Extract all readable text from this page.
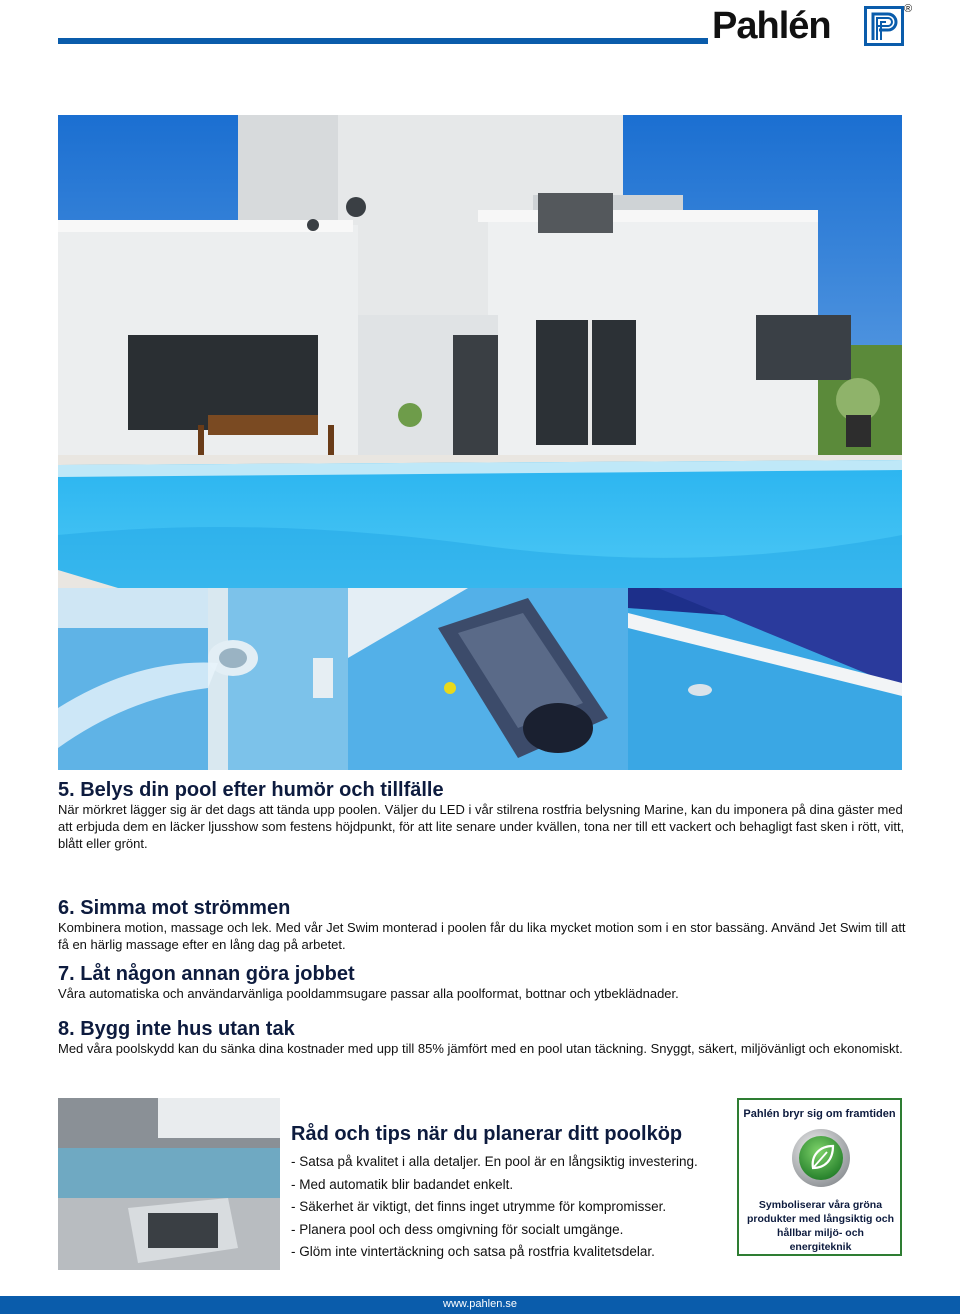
Pahlén	®
5. Belys din pool efter humör och tillfälle

När mörkret lägger sig är det dags att tända upp poolen. Väljer du LED i vår stilrena rostfria belysning Marine, kan du imponera på dina gäster med att erbjuda dem en läcker ljusshow som festens höjdpunkt, för att lite senare under kvällen, tona ner till ett vackert och behagligt fast sken i rött, vitt, blått eller grönt.

6. Simma mot strömmen

Kombinera motion, massage och lek. Med vår Jet Swim monterad i poolen får du lika mycket motion som i en stor bassäng. Använd Jet Swim till att få en härlig massage efter en lång dag på arbetet.

7. Låt någon annan göra jobbet

Våra automatiska och användarvänliga pooldammsugare passar alla poolformat, bottnar och ytbeklädnader.

8. Bygg inte hus utan tak

Med våra poolskydd kan du sänka dina kostnader med upp till 85% jämfört med en pool utan täckning. Snyggt, säkert, miljövänligt och ekonomiskt.

Råd och tips när du planerar ditt poolköp
- Satsa på kvalitet i alla detaljer. En pool är en långsiktig investering.
- Med automatik blir badandet enkelt.
- Säkerhet är viktigt, det finns inget utrymme för kompromisser.
- Planera pool och dess omgivning för socialt umgänge.
- Glöm inte vintertäckning och satsa på rostfria kvalitetsdelar.
Pahlén bryr sig om framtiden
Symboliserar våra gröna produkter med långsiktig och hållbar miljö- och energiteknik
www.pahlen.se
